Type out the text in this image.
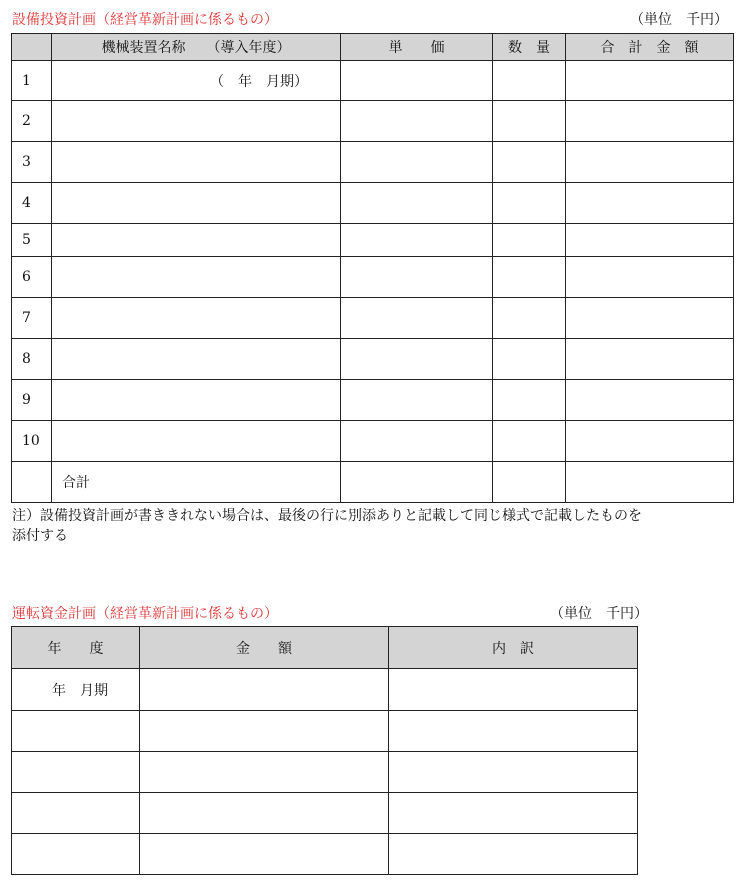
設備投資計画（経営革新計画に係るもの）	（単位　千円）
	機械装置名称　　（導入年度）	単　　価	数　量	合　計　金　額
1	（　年　月期）			
2				
3				
4				
5				
6				
7				
8				
9				
10				
	合計			
注）設備投資計画が書ききれない場合は、最後の行に別添ありと記載して同じ様式で記載したものを
添付する
運転資金計画（経営革新計画に係るもの）	（単位　千円）
年　　度	金　　額	内　訳
年　月期		
